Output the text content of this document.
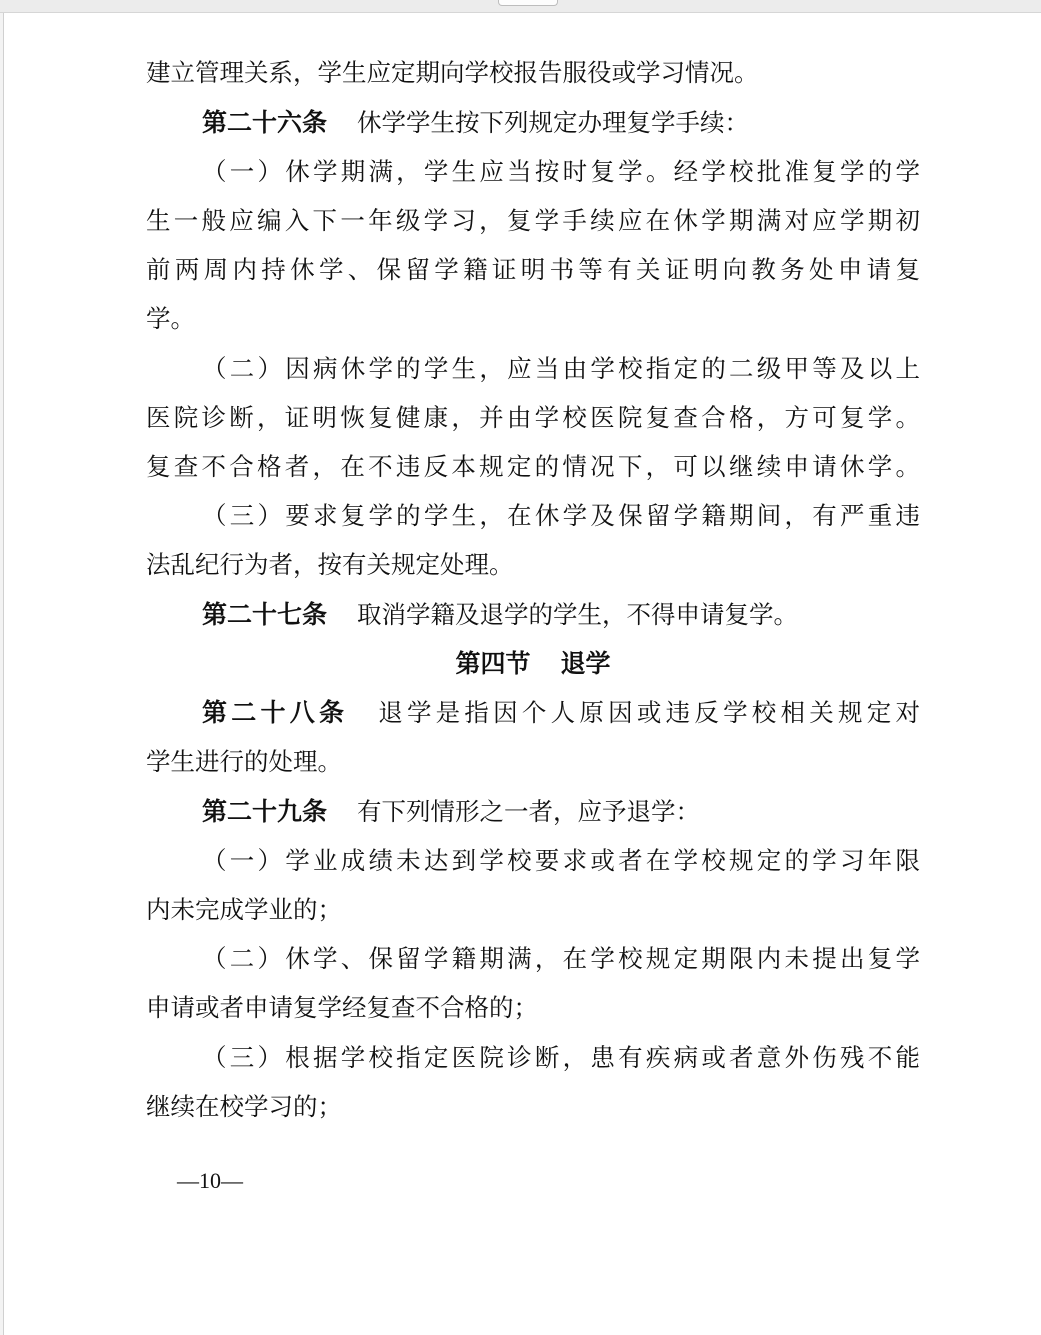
建立管理关系，学生应定期向学校报告服役或学习情况。
第二十六条 休学学生按下列规定办理复学手续：
（一）休学期满，学生应当按时复学。经学校批准复学的学
生一般应编入下一年级学习，复学手续应在休学期满对应学期初
前两周内持休学、保留学籍证明书等有关证明向教务处申请复
学。
（二）因病休学的学生，应当由学校指定的二级甲等及以上
医院诊断，证明恢复健康，并由学校医院复查合格，方可复学。
复查不合格者，在不违反本规定的情况下，可以继续申请休学。
（三）要求复学的学生，在休学及保留学籍期间，有严重违
法乱纪行为者，按有关规定处理。
第二十七条 取消学籍及退学的学生，不得申请复学。
第四节 退学
第二十八条 退学是指因个人原因或违反学校相关规定对
学生进行的处理。
第二十九条 有下列情形之一者，应予退学：
（一）学业成绩未达到学校要求或者在学校规定的学习年限
内未完成学业的；
（二）休学、保留学籍期满，在学校规定期限内未提出复学
申请或者申请复学经复查不合格的；
（三）根据学校指定医院诊断，患有疾病或者意外伤残不能
继续在校学习的；
—10—
